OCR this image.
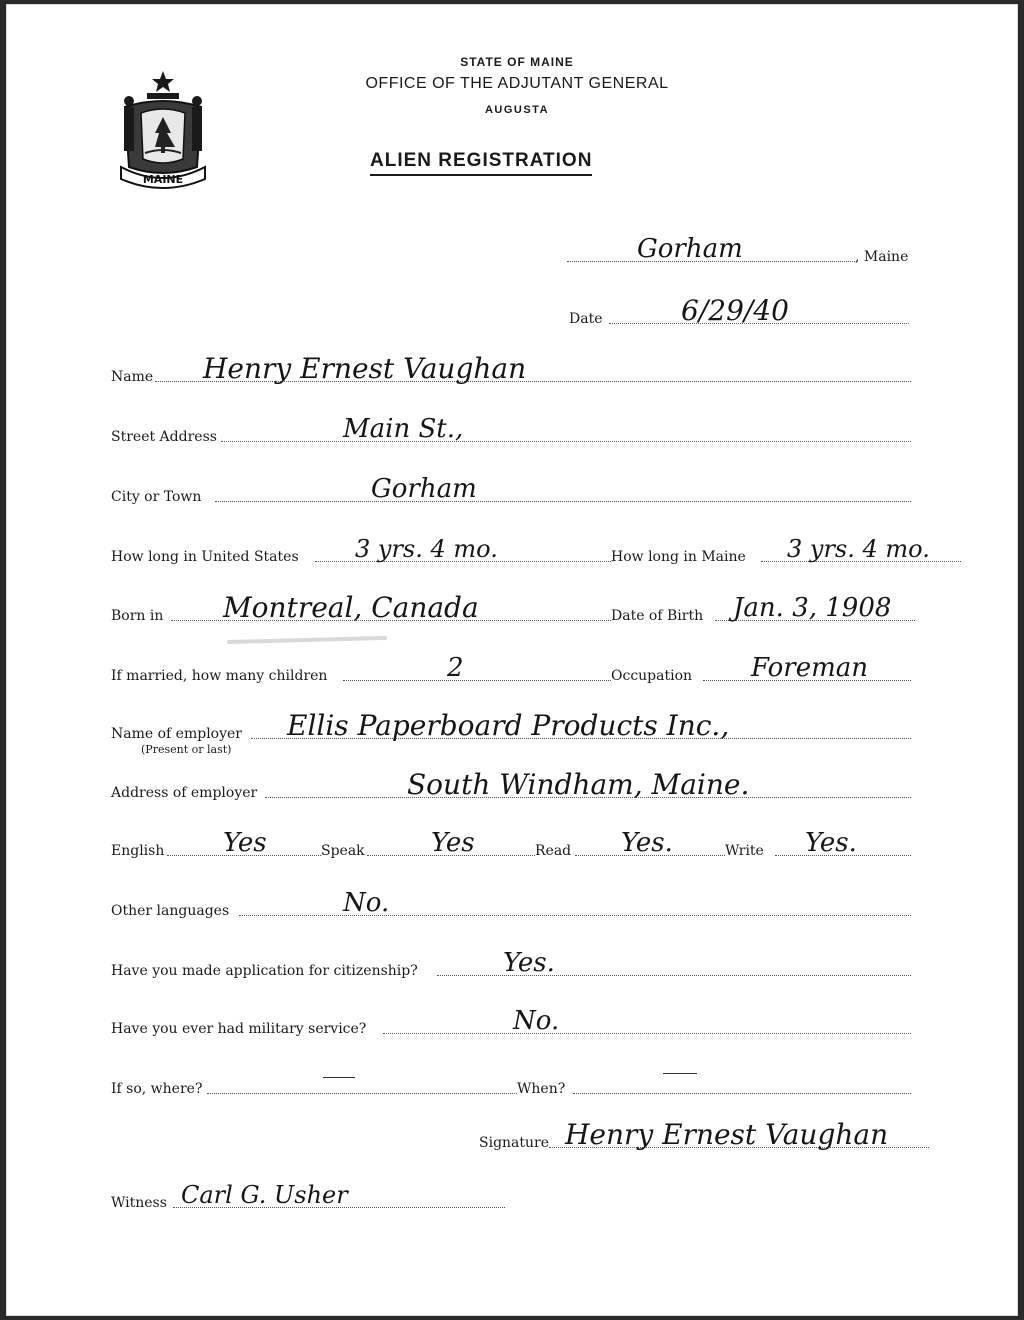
MAINE
STATE OF MAINE
OFFICE OF THE ADJUTANT GENERAL
AUGUSTA
ALIEN REGISTRATION
Gorham	, Maine
Date	6/29/40
Name Henry Ernest Vaughan
Street Address	Main St.,
City or Town	Gorham
How long in United States 3 yrs. 4 mo.	How long in Maine 3 yrs. 4 mo.
Born in Montreal, Canada	Date of Birth Jan. 3, 1908
If married, how many children	2	Occupation Foreman
Name of employer Ellis Paperboard Products Inc.,
(Present or last)
Address of employer	South Windham, Maine.
English Yes	Speak	Yes	Read Yes.	Write Yes.
Other languages	No.
Have you made application for citizenship?	Yes.
Have you ever had military service?	No.
If so, where?	When?
Signature Henry Ernest Vaughan
Witness Carl G. Usher
